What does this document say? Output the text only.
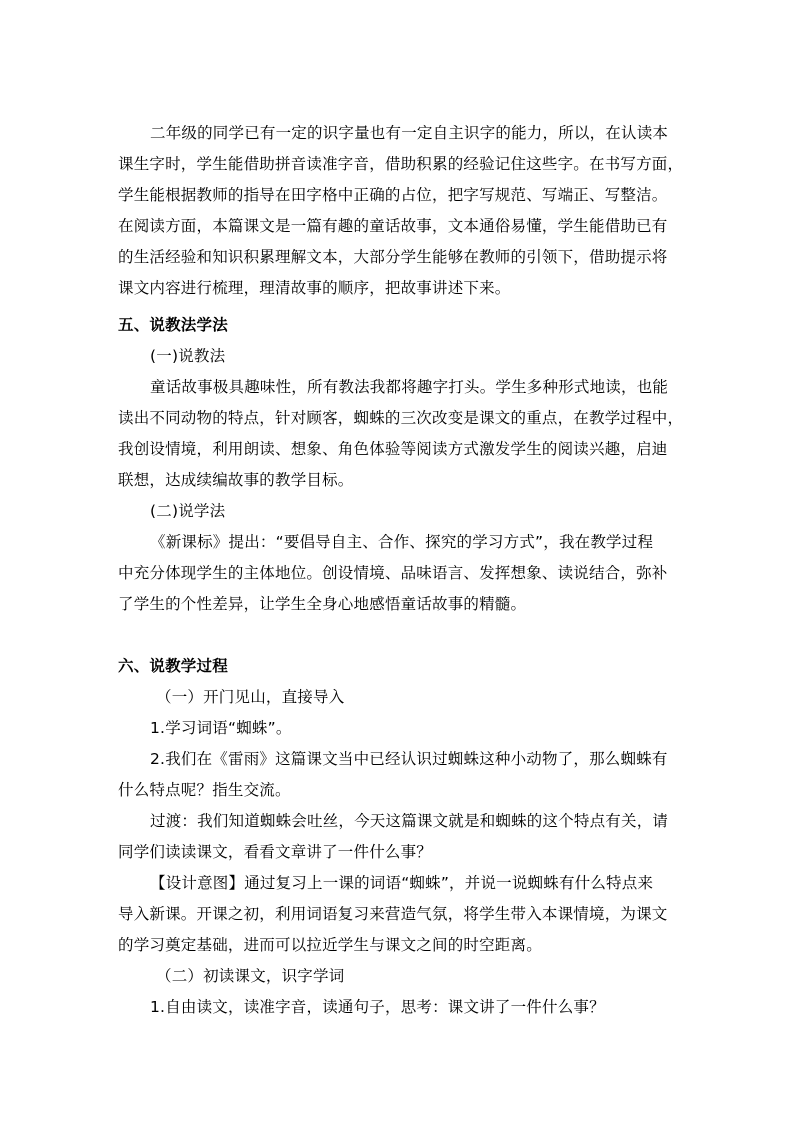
二年级的同学已有一定的识字量也有一定自主识字的能力，所以，在认读本
课生字时，学生能借助拼音读准字音，借助积累的经验记住这些字。在书写方面，
学生能根据教师的指导在田字格中正确的占位，把字写规范、写端正、写整洁。
在阅读方面，本篇课文是一篇有趣的童话故事，文本通俗易懂，学生能借助已有
的生活经验和知识积累理解文本，大部分学生能够在教师的引领下，借助提示将
课文内容进行梳理，理清故事的顺序，把故事讲述下来。
五、说教法学法
(一)说教法
童话故事极具趣味性，所有教法我都将趣字打头。学生多种形式地读，也能
读出不同动物的特点，针对顾客，蜘蛛的三次改变是课文的重点，在教学过程中，
我创设情境，利用朗读、想象、角色体验等阅读方式激发学生的阅读兴趣，启迪
联想，达成续编故事的教学目标。
(二)说学法
《新课标》提出：“要倡导自主、合作、探究的学习方式”，我在教学过程
中充分体现学生的主体地位。创设情境、品味语言、发挥想象、读说结合，弥补
了学生的个性差异，让学生全身心地感悟童话故事的精髓。
六、说教学过程
（一）开门见山，直接导入
1.学习词语“蜘蛛”。
2.我们在《雷雨》这篇课文当中已经认识过蜘蛛这种小动物了，那么蜘蛛有
什么特点呢？指生交流。
过渡：我们知道蜘蛛会吐丝，今天这篇课文就是和蜘蛛的这个特点有关，请
同学们读读课文，看看文章讲了一件什么事？
【设计意图】通过复习上一课的词语“蜘蛛”，并说一说蜘蛛有什么特点来
导入新课。开课之初，利用词语复习来营造气氛，将学生带入本课情境，为课文
的学习奠定基础，进而可以拉近学生与课文之间的时空距离。
（二）初读课文，识字学词
1.自由读文，读准字音，读通句子，思考：课文讲了一件什么事？
